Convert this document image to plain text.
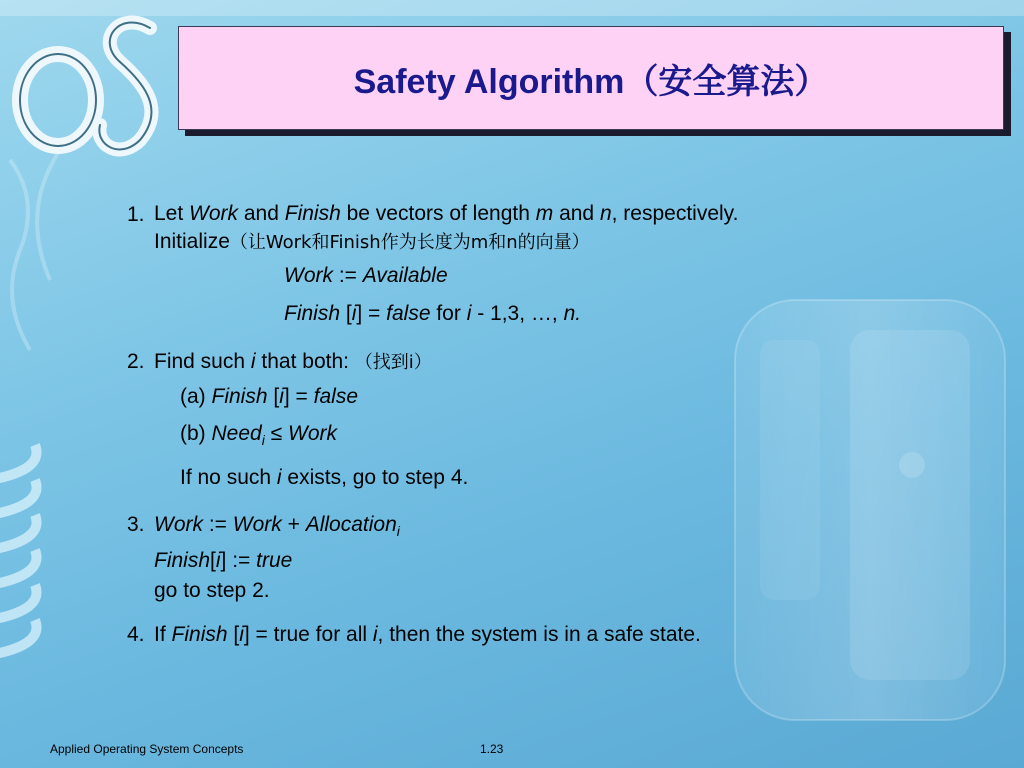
Safety Algorithm（安全算法）
1. Let Work and Finish be vectors of length m and n, respectively.
Initialize（让Work和Finish作为长度为m和n的向量）
Work := Available
Finish [i] = false for i - 1,3, …, n.
2. Find such i that both: （找到i）
(a) Finish [i] = false
(b) Need$_i$ ≤ Work
If no such i exists, go to step 4.
3. Work := Work + Allocation$_i$
Finish[i] := true
go to step 2.
4. If Finish [i] = true for all i, then the system is in a safe state.
Applied Operating System Concepts	1.23
